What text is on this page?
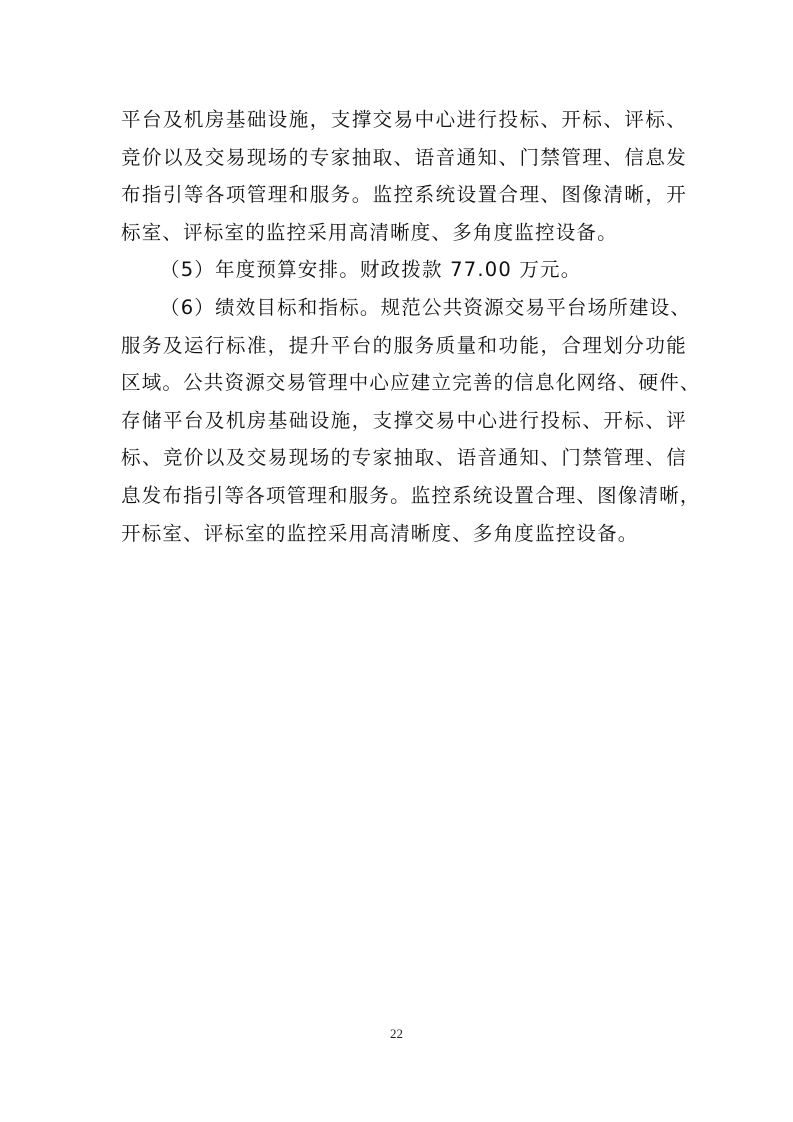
平台及机房基础设施，支撑交易中心进行投标、开标、评标、
竞价以及交易现场的专家抽取、语音通知、门禁管理、信息发
布指引等各项管理和服务。监控系统设置合理、图像清晰，开
标室、评标室的监控采用高清晰度、多角度监控设备。
（5）年度预算安排。财政拨款 77.00 万元。
（6）绩效目标和指标。规范公共资源交易平台场所建设、
服务及运行标准，提升平台的服务质量和功能，合理划分功能
区域。公共资源交易管理中心应建立完善的信息化网络、硬件、
存储平台及机房基础设施，支撑交易中心进行投标、开标、评
标、竞价以及交易现场的专家抽取、语音通知、门禁管理、信
息发布指引等各项管理和服务。监控系统设置合理、图像清晰，
开标室、评标室的监控采用高清晰度、多角度监控设备。
22
